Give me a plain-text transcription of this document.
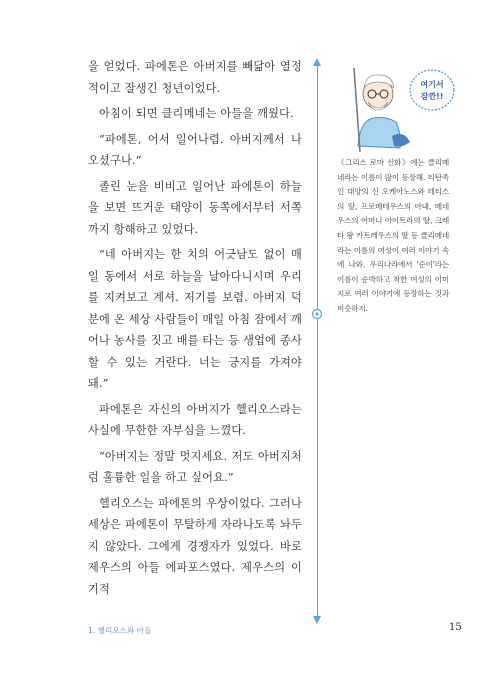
을 얻었다. 파에톤은 아버지를 빼닮아 열정적이고 잘생긴 청년이었다.

아침이 되면 클리메네는 아들을 깨웠다.

“파에톤, 어서 일어나렴. 아버지께서 나오셨구나.”

졸린 눈을 비비고 일어난 파에톤이 하늘을 보면 뜨거운 태양이 동쪽에서부터 서쪽까지 항해하고 있었다.

“네 아버지는 한 치의 어긋남도 없이 매일 동에서 서로 하늘을 날아다니시며 우리를 지켜보고 계셔. 저기를 보렴. 아버지 덕분에 온 세상 사람들이 매일 아침 잠에서 깨어나 농사를 짓고 배를 타는 등 생업에 종사할 수 있는 거란다. 너는 긍지를 가져야 돼.”

파에톤은 자신의 아버지가 헬리오스라는 사실에 무한한 자부심을 느꼈다.

“아버지는 정말 멋지세요. 저도 아버지처럼 훌륭한 일을 하고 싶어요.”

헬리오스는 파에톤의 우상이었다. 그러나 세상은 파에톤이 무탈하게 자라나도록 놔두지 않았다. 그에게 경쟁자가 있었다. 바로 제우스의 아들 에파포스였다. 제우스의 이기적

여기서
잠깐!!

《그리스 로마 신화》에는 클리메네라는 이름이 많이 등장해. 티탄족인 대양의 신 오케아노스와 테티스의 딸, 프로메테우스의 아내, 메네우스의 어머니 아이트라의 딸, 크레타 왕 카트레우스의 딸 등 클리메네라는 이름의 여성이 여러 이야기 속에 나와. 우리나라에서 '순이'라는 이름이 순박하고 착한 여성의 이미지로 여러 이야기에 등장하는 것과 비슷하지.

1. 헬리오스와 아들	15
